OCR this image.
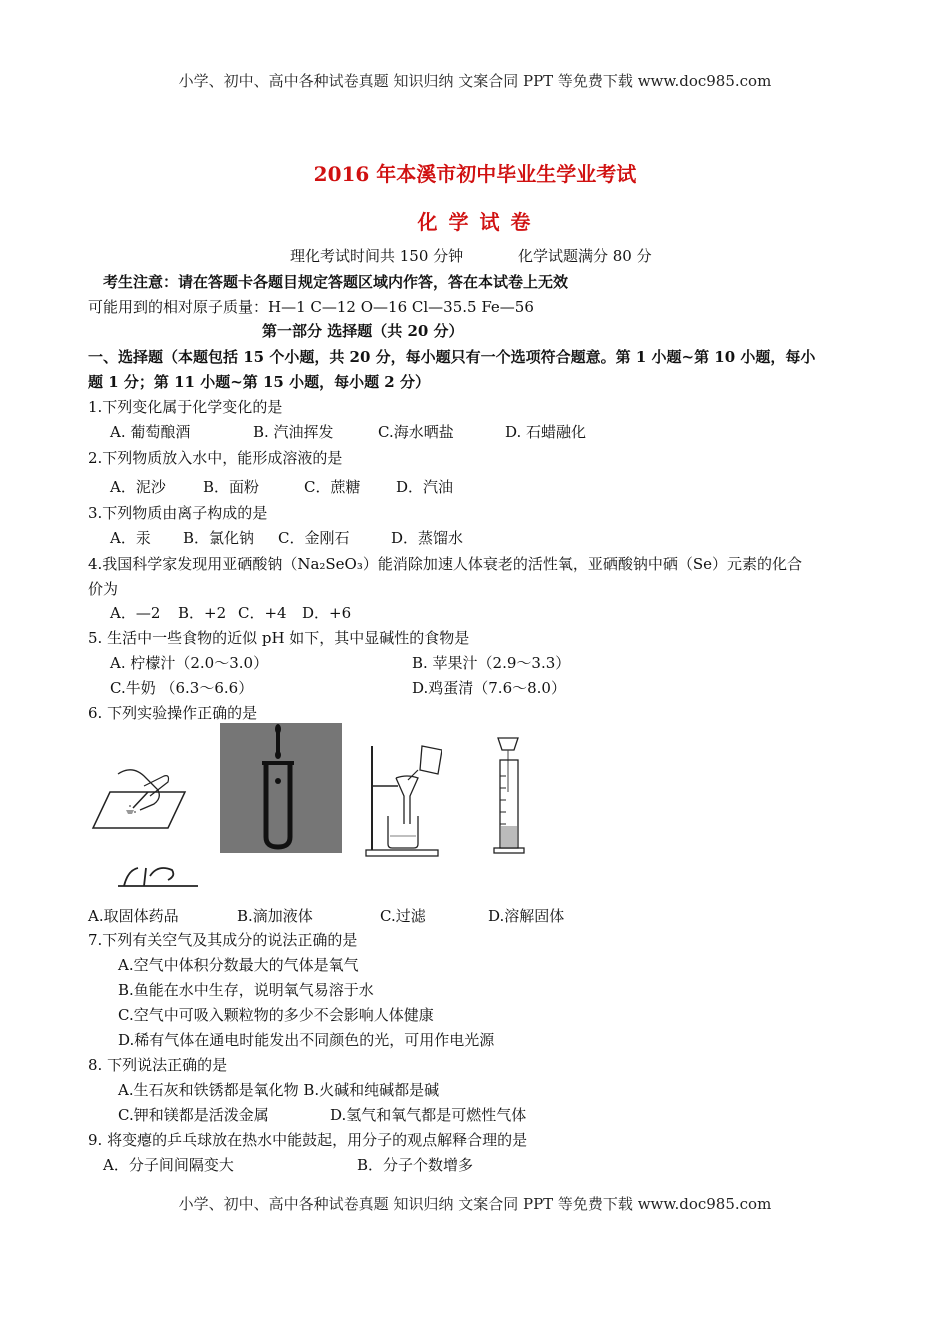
小学、初中、高中各种试卷真题 知识归纳 文案合同 PPT 等免费下载 www.doc985.com
2016 年本溪市初中毕业生学业考试
化 学 试 卷
理化考试时间共 150 分钟	化学试题满分 80 分
考生注意：请在答题卡各题目规定答题区域内作答，答在本试卷上无效
可能用到的相对原子质量：H—1 C—12 O—16 Cl—35.5 Fe—56
第一部分 选择题（共 20 分）
一、选择题（本题包括 15 个小题，共 20 分，每小题只有一个选项符合题意。第 1 小题~第 10 小题，每小
题 1 分；第 11 小题~第 15 小题，每小题 2 分）
1.下列变化属于化学变化的是
A. 葡萄酿酒	B. 汽油挥发	C.海水晒盐	D. 石蜡融化
2.下列物质放入水中，能形成溶液的是
A．泥沙 B．面粉	C．蔗糖 D．汽油
3.下列物质由离子构成的是
A．汞 B．氯化钠 C．金刚石	D．蒸馏水
4.我国科学家发现用亚硒酸钠（Na₂SeO₃）能消除加速人体衰老的活性氧，亚硒酸钠中硒（Se）元素的化合
价为
A．—2 B．+2 C．+4 D．+6
5. 生活中一些食物的近似 pH 如下，其中显碱性的食物是
A. 柠檬汁（2.0～3.0）	B. 苹果汁（2.9～3.3）
C.牛奶 （6.3～6.6）	D.鸡蛋清（7.6～8.0）
6. 下列实验操作正确的是
A.取固体药品	B.滴加液体	C.过滤	D.溶解固体
7.下列有关空气及其成分的说法正确的是
A.空气中体积分数最大的气体是氧气
B.鱼能在水中生存，说明氧气易溶于水
C.空气中可吸入颗粒物的多少不会影响人体健康
D.稀有气体在通电时能发出不同颜色的光，可用作电光源
8. 下列说法正确的是
A.生石灰和铁锈都是氧化物 B.火碱和纯碱都是碱
C.钾和镁都是活泼金属	D.氢气和氧气都是可燃性气体
9. 将变瘪的乒乓球放在热水中能鼓起，用分子的观点解释合理的是
A．分子间间隔变大	B．分子个数增多
小学、初中、高中各种试卷真题 知识归纳 文案合同 PPT 等免费下载 www.doc985.com
